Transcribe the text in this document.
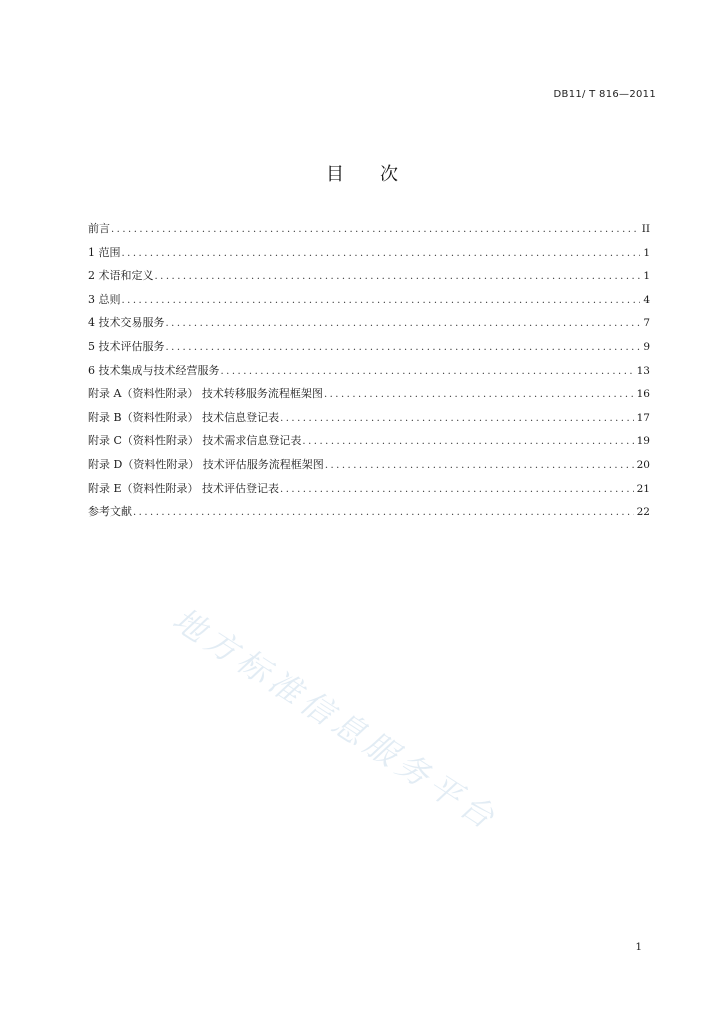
DB11/ T 816—2011
目次
前言 .....	II
1 范围 .....	1
2 术语和定义 .....	1
3 总则 .....	4
4 技术交易服务 .....	7
5 技术评估服务 .....	9
6 技术集成与技术经营服务 .....	13
附录 A（资料性附录） 技术转移服务流程框架图 .....	16
附录 B（资料性附录） 技术信息登记表 .....	17
附录 C（资料性附录） 技术需求信息登记表 .....	19
附录 D（资料性附录） 技术评估服务流程框架图 .....	20
附录 E（资料性附录） 技术评估登记表 .....	21
参考文献 .....	22
地方标准信息服务平台
1
